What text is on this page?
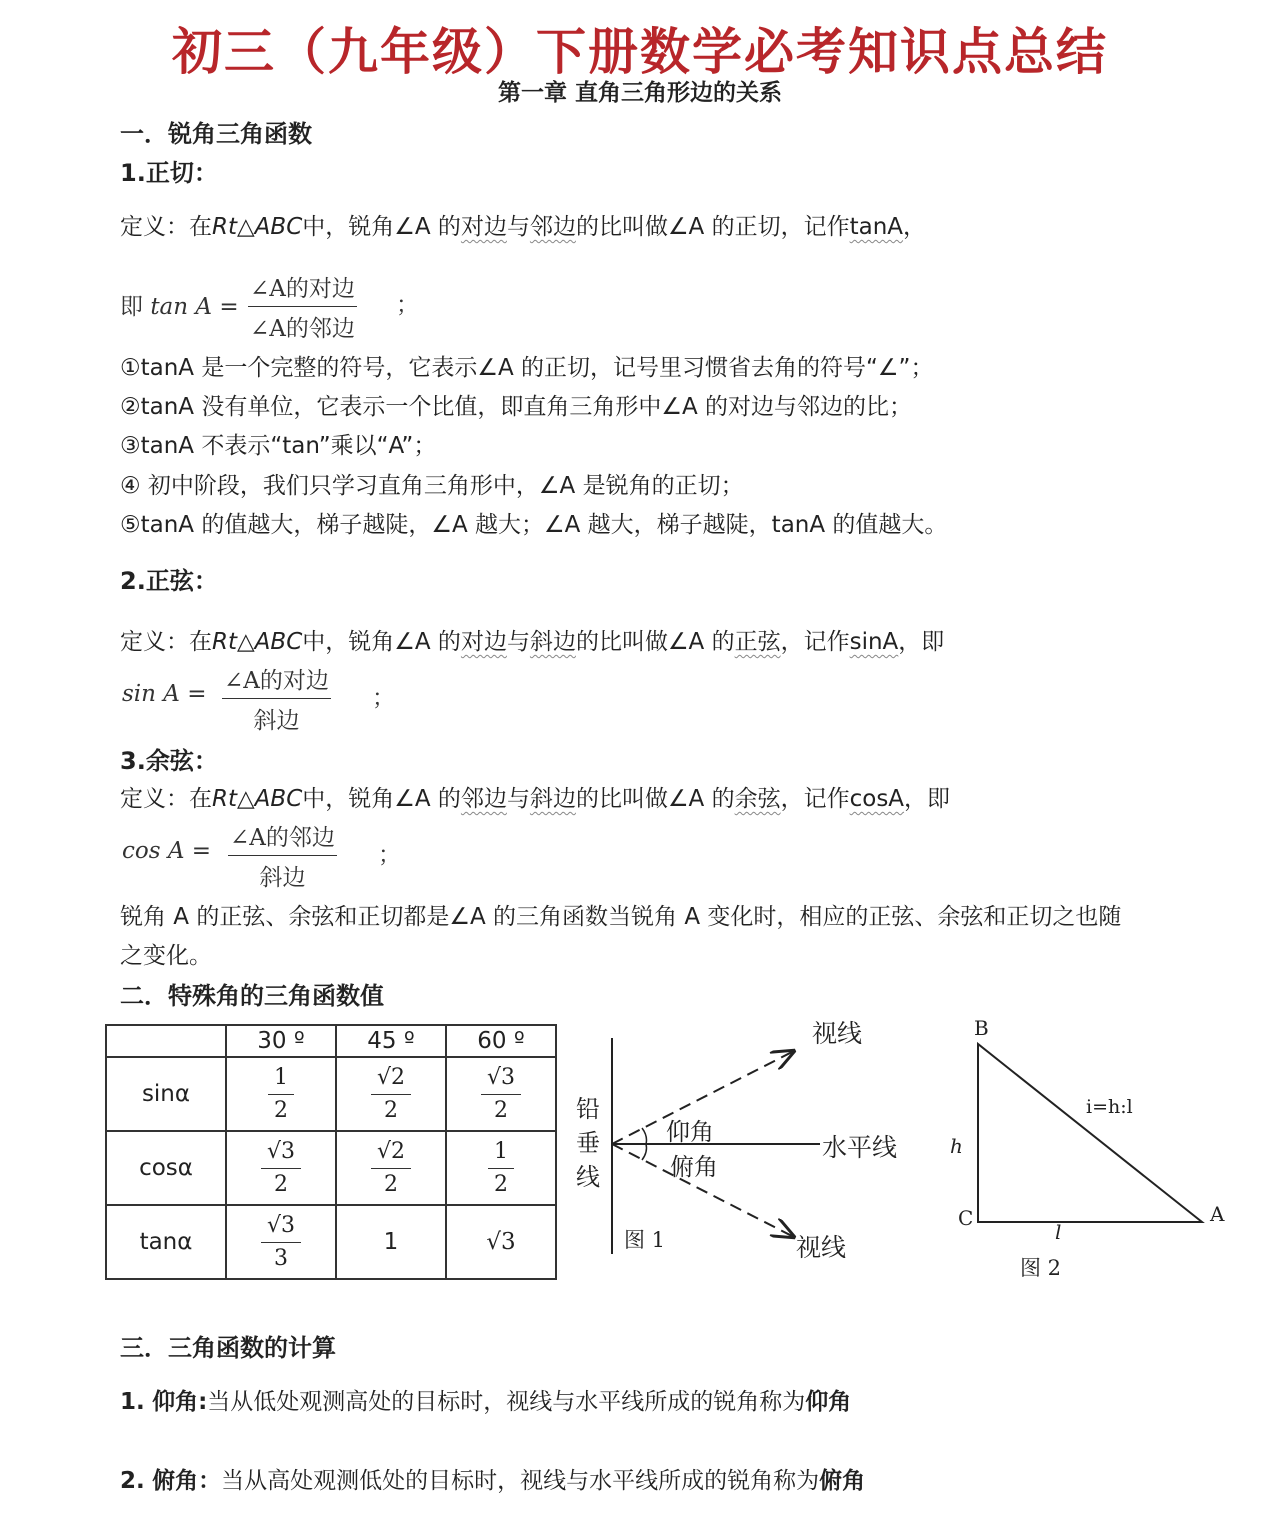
初三（九年级）下册数学必考知识点总结
第一章 直角三角形边的关系
一．锐角三角函数
1.正切：
定义：在Rt△ABC中，锐角∠A 的对边与邻边的比叫做∠A 的正切，记作tanA，
即 tan A =
∠A的对边
∠A的邻边
；
①tanA 是一个完整的符号，它表示∠A 的正切，记号里习惯省去角的符号“∠”；
②tanA 没有单位，它表示一个比值，即直角三角形中∠A 的对边与邻边的比；
③tanA 不表示“tan”乘以“A”；
④ 初中阶段，我们只学习直角三角形中，∠A 是锐角的正切；
⑤tanA 的值越大，梯子越陡，∠A 越大；∠A 越大，梯子越陡，tanA 的值越大。
2.正弦：
定义：在Rt△ABC中，锐角∠A 的对边与斜边的比叫做∠A 的正弦，记作sinA，即
sin A = ∠A的对边
斜边
；
3.余弦：
定义：在Rt△ABC中，锐角∠A 的邻边与斜边的比叫做∠A 的余弦，记作cosA，即
cos A = ∠A的邻边
斜边
；
锐角 A 的正弦、余弦和正切都是∠A 的三角函数当锐角 A 变化时，相应的正弦、余弦和正切之也随
之变化。
二．特殊角的三角函数值
	30 º	45 º	60 º
sinα	$\frac{1}{2}$	$\frac{√2}{2}$	$\frac{√3}{2}$

cosα	$\frac{√3}{2}$	$\frac{√2}{2}$	$\frac{1}{2}$

tanα	$\frac{√3}{3}$	1	√3
铅
垂
线
视线
仰角
水平线
俯角
视线
图 1
B
C	A
h
l
i=h:l
图 2
三．三角函数的计算
1. 仰角:当从低处观测高处的目标时，视线与水平线所成的锐角称为仰角
2. 俯角：当从高处观测低处的目标时，视线与水平线所成的锐角称为俯角
